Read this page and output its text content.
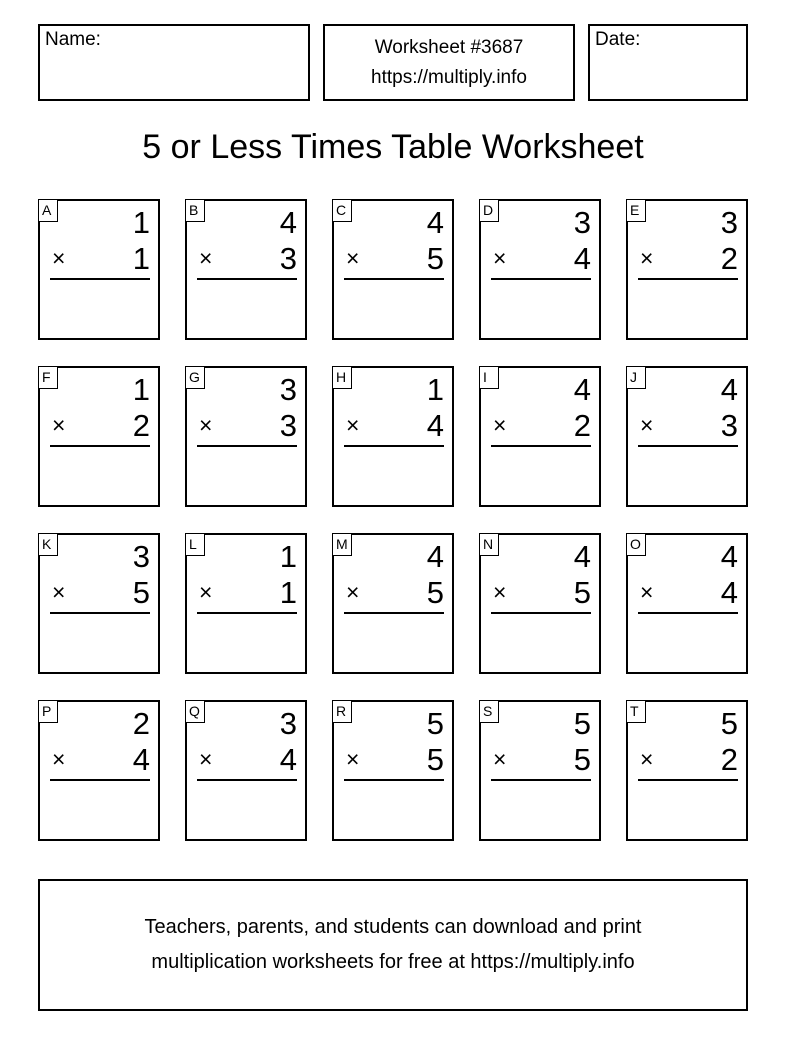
Name:	Worksheet #3687
https://multiply.info
Date:
5 or Less Times Table Worksheet
A	1
× 1
B	4
× 3
C	4
× 5
D	3
× 4
E	3
× 2
F	1
× 2
G	3
× 3
H	1
× 4
I	4
× 2
J	4
× 3
K	3
× 5
L	1
× 1
M	4
× 5
N	4
× 5
O	4
× 4
P	2
× 4
Q	3
× 4
R	5
× 5
S	5
× 5
T	5
× 2
Teachers, parents, and students can download and print
multiplication worksheets for free at https://multiply.info
